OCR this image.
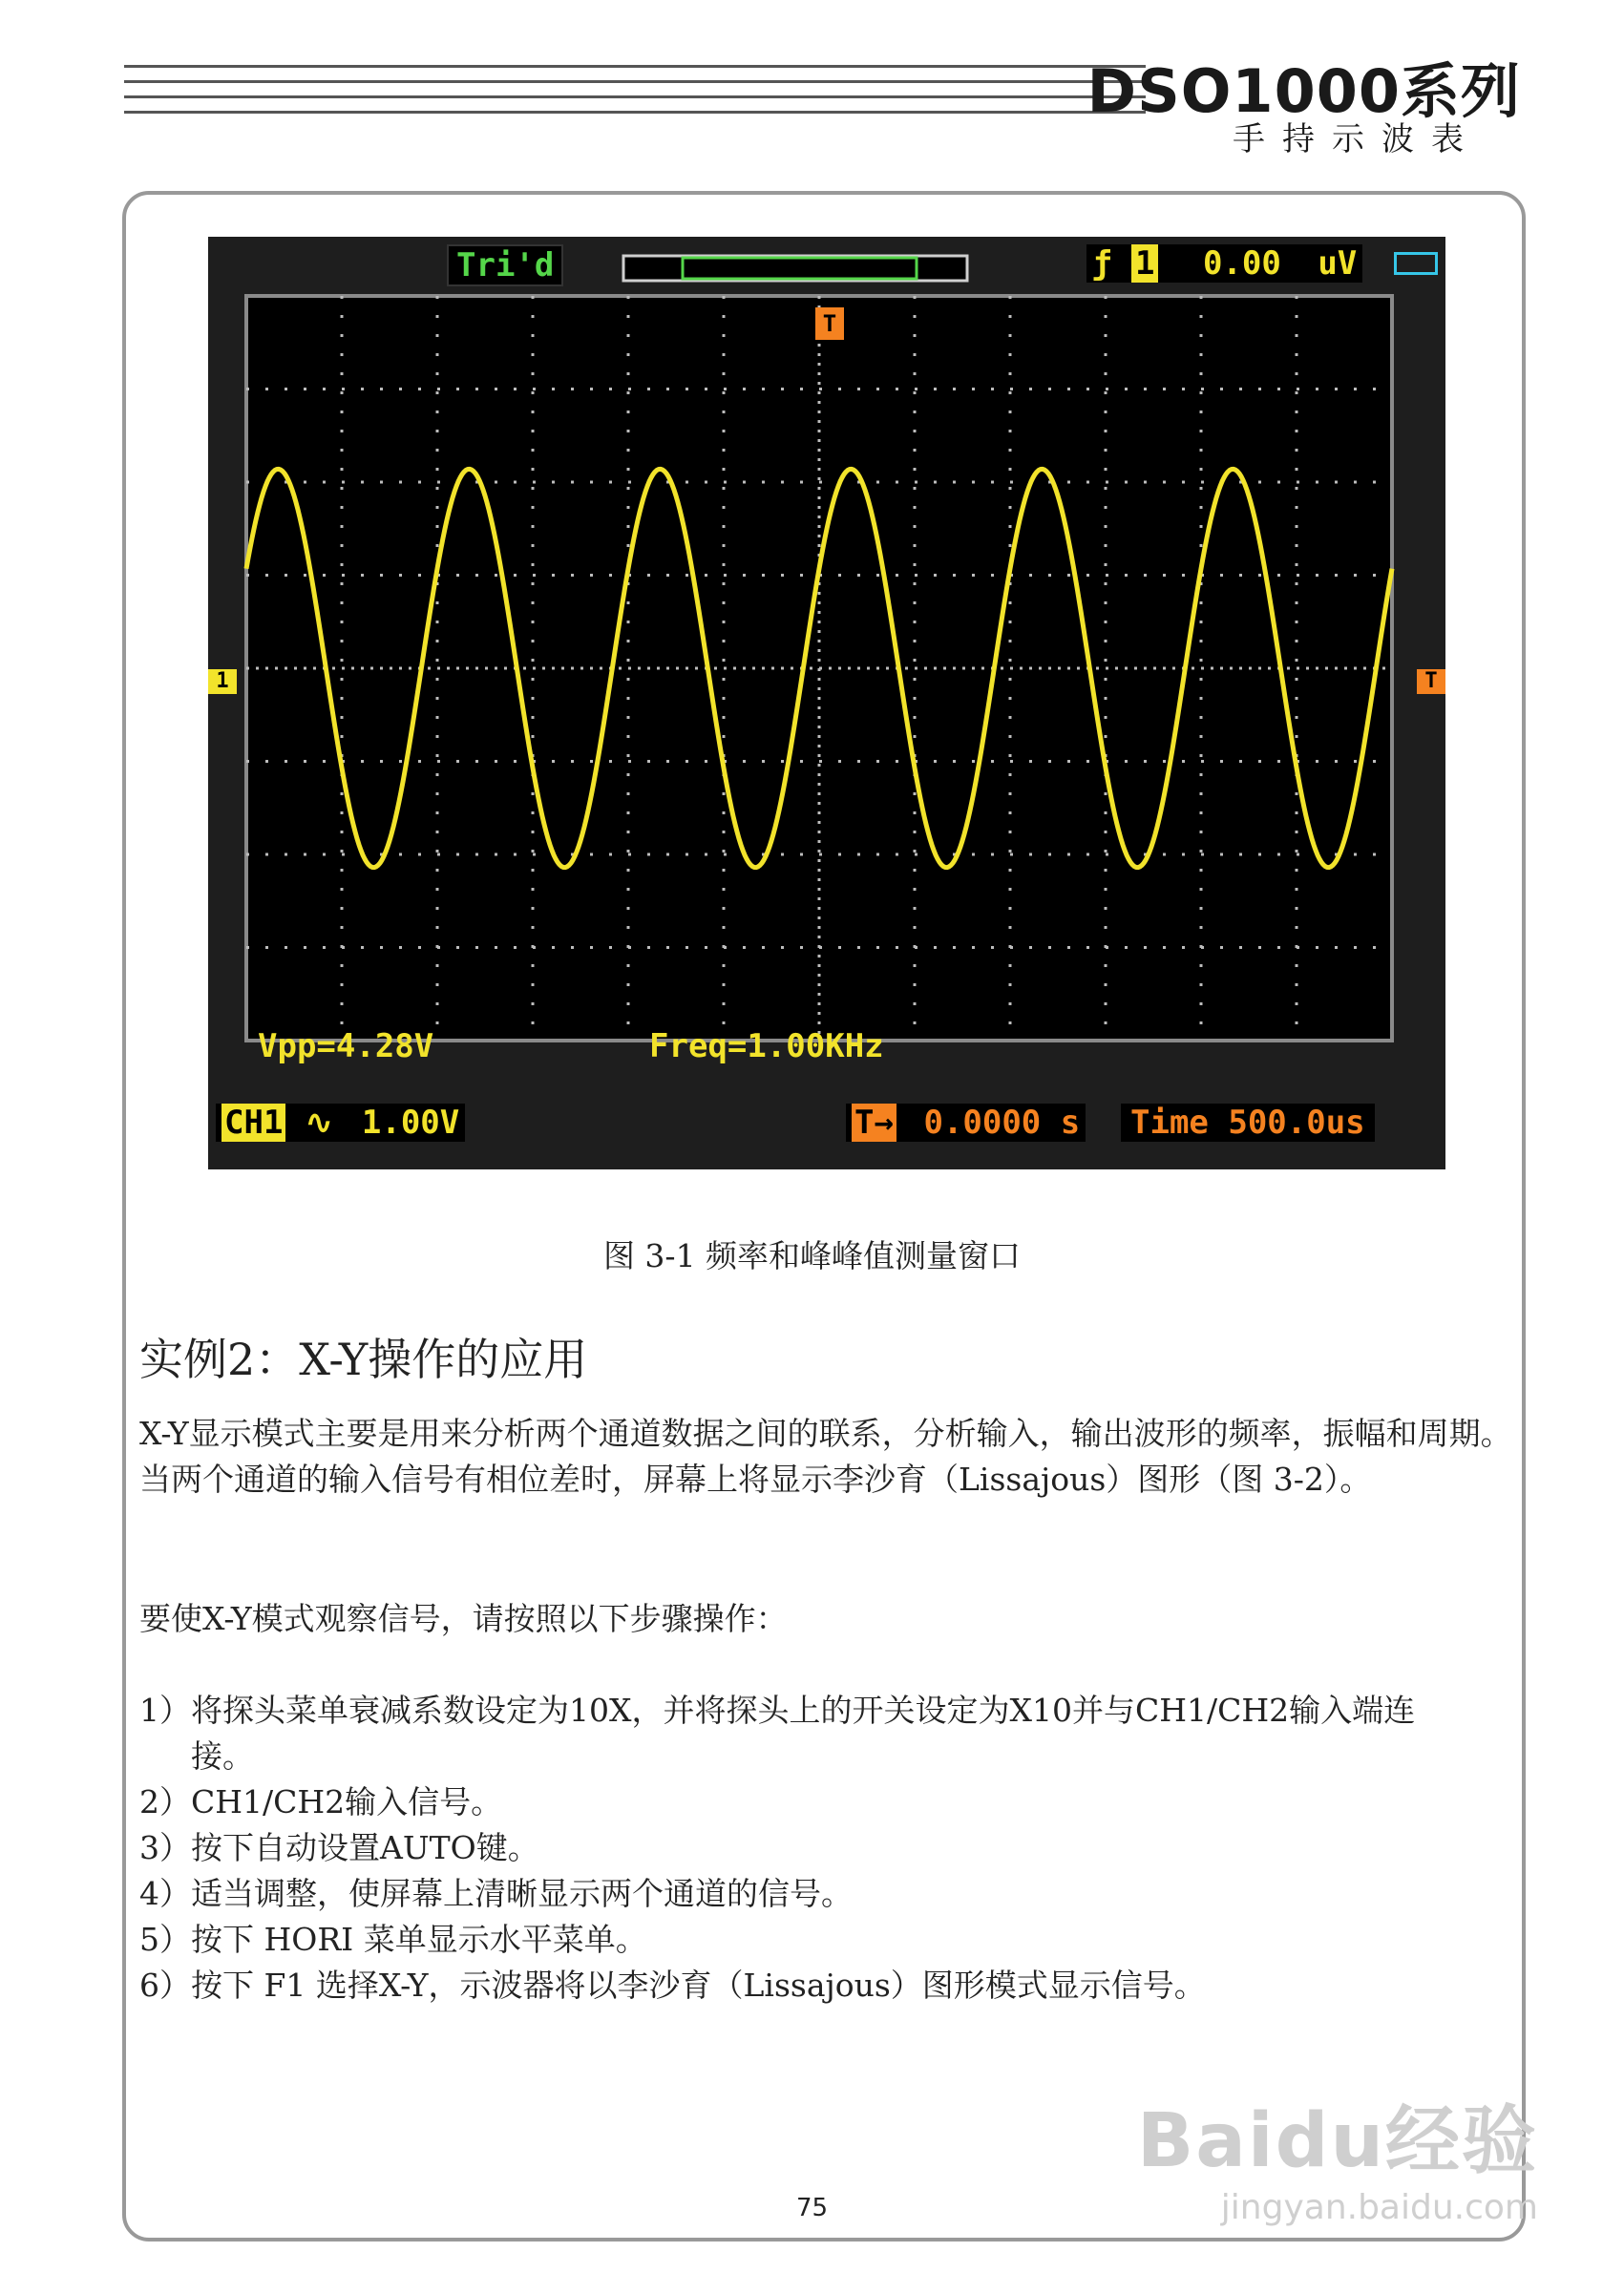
DSO1000系列
手持示波表
Tri'd	ƒ 1 0.00 uV
Vpp=4.28V	Freq=1.00KHz
CH1 ∿ 1.00V	T→ 0.0000 s Time 500.0us
1	T
T
图 3-1 频率和峰峰值测量窗口
实例2：X-Y操作的应用
X-Y显示模式主要是用来分析两个通道数据之间的联系，分析输入，输出波形的频率，振幅和周期。当两个通道的输入信号有相位差时，屏幕上将显示李沙育（Lissajous）图形（图 3-2）。
要使X-Y模式观察信号，请按照以下步骤操作：
1）将探头菜单衰减系数设定为10X，并将探头上的开关设定为X10并与CH1/CH2输入端连
接。
2）CH1/CH2输入信号。
3）按下自动设置AUTO键。
4）适当调整，使屏幕上清晰显示两个通道的信号。
5）按下 HORI 菜单显示水平菜单。
6）按下 F1 选择X-Y，示波器将以李沙育（Lissajous）图形模式显示信号。
75
Baidu经验
jingyan.baidu.com
